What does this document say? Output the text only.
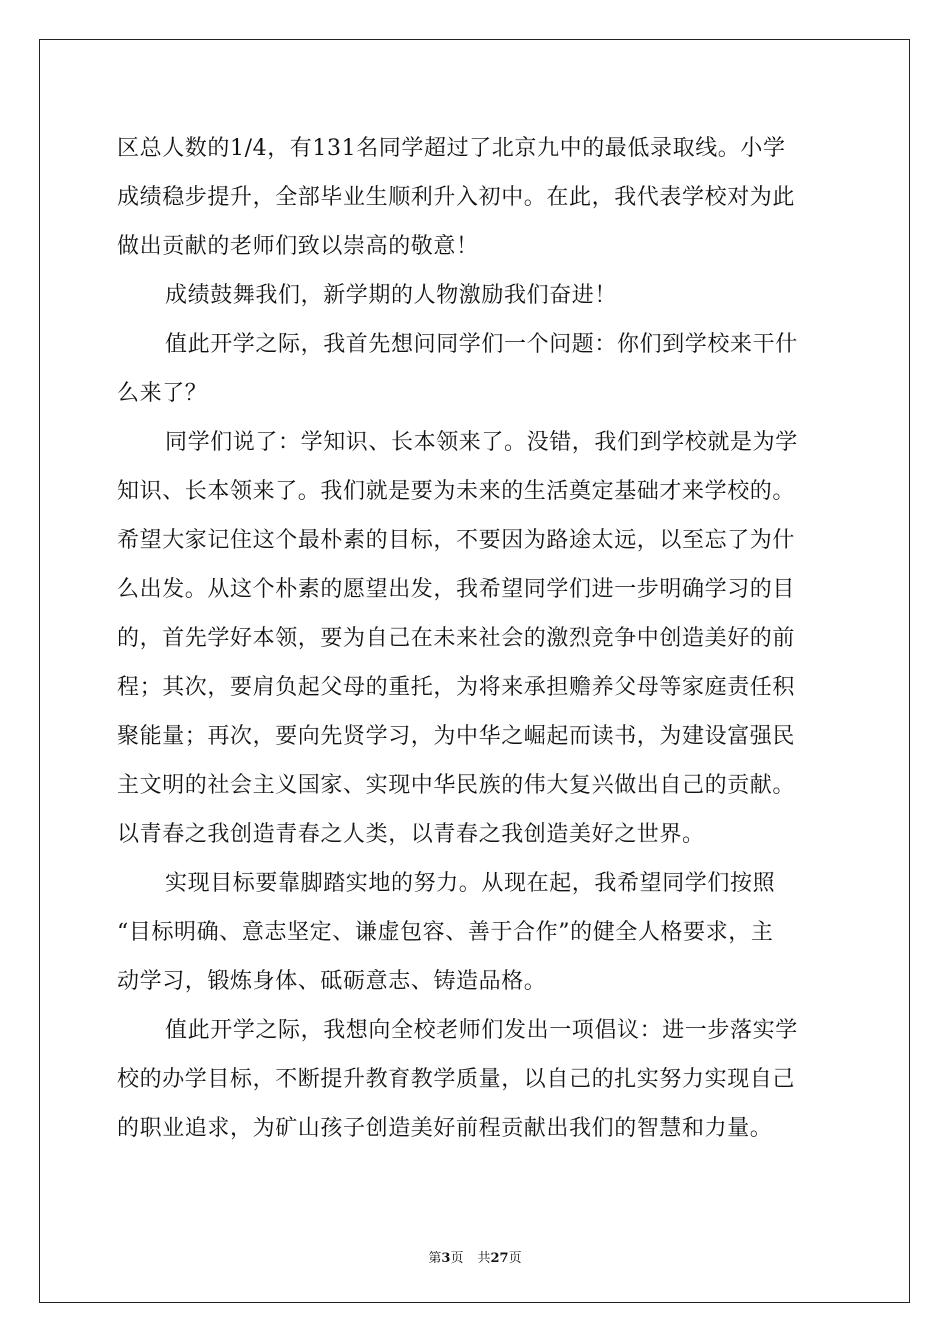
区总人数的1/4，有131名同学超过了北京九中的最低录取线。小学
成绩稳步提升，全部毕业生顺利升入初中。在此，我代表学校对为此
做出贡献的老师们致以崇高的敬意！
成绩鼓舞我们，新学期的人物激励我们奋进！
值此开学之际，我首先想问同学们一个问题：你们到学校来干什
么来了？
同学们说了：学知识、长本领来了。没错，我们到学校就是为学
知识、长本领来了。我们就是要为未来的生活奠定基础才来学校的。
希望大家记住这个最朴素的目标，不要因为路途太远，以至忘了为什
么出发。从这个朴素的愿望出发，我希望同学们进一步明确学习的目
的，首先学好本领，要为自己在未来社会的激烈竞争中创造美好的前
程；其次，要肩负起父母的重托，为将来承担赡养父母等家庭责任积
聚能量；再次，要向先贤学习，为中华之崛起而读书，为建设富强民
主文明的社会主义国家、实现中华民族的伟大复兴做出自己的贡献。
以青春之我创造青春之人类，以青春之我创造美好之世界。
实现目标要靠脚踏实地的努力。从现在起，我希望同学们按照
“目标明确、意志坚定、谦虚包容、善于合作”的健全人格要求，主
动学习，锻炼身体、砥砺意志、铸造品格。
值此开学之际，我想向全校老师们发出一项倡议：进一步落实学
校的办学目标，不断提升教育教学质量，以自己的扎实努力实现自己
的职业追求，为矿山孩子创造美好前程贡献出我们的智慧和力量。
第3页 共27页
